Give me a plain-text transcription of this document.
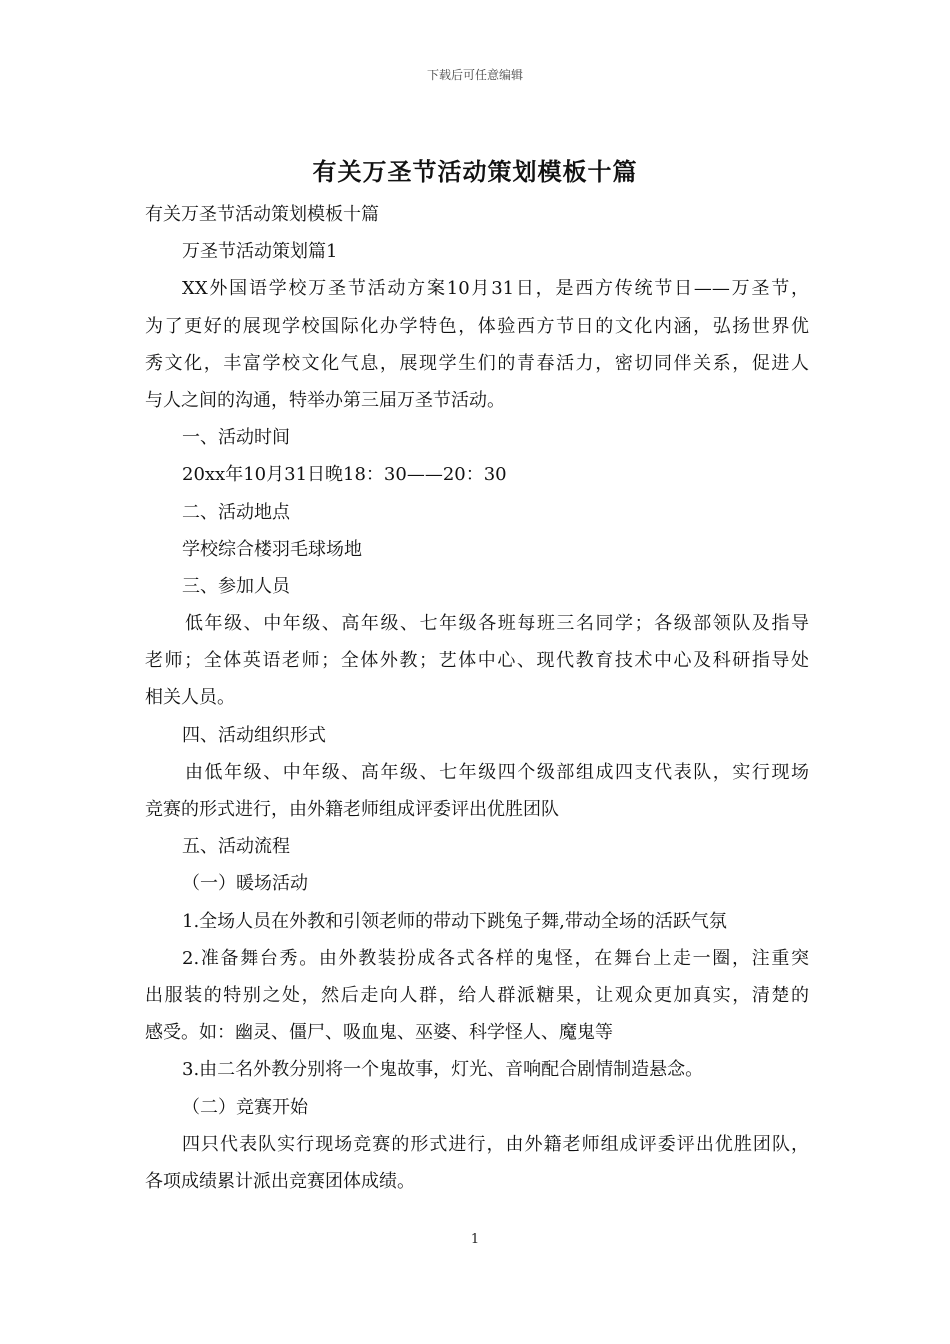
下载后可任意编辑
有关万圣节活动策划模板十篇
有关万圣节活动策划模板十篇
万圣节活动策划篇1
XX外国语学校万圣节活动方案10月31日，是西方传统节日——万圣节，
为了更好的展现学校国际化办学特色，体验西方节日的文化内涵，弘扬世界优
秀文化，丰富学校文化气息，展现学生们的青春活力，密切同伴关系，促进人
与人之间的沟通，特举办第三届万圣节活动。
一、活动时间
20xx年10月31日晚18：30——20：30
二、活动地点
学校综合楼羽毛球场地
三、参加人员
低年级、中年级、高年级、七年级各班每班三名同学；各级部领队及指导
老师；全体英语老师；全体外教；艺体中心、现代教育技术中心及科研指导处
相关人员。
四、活动组织形式
由低年级、中年级、高年级、七年级四个级部组成四支代表队，实行现场
竞赛的形式进行，由外籍老师组成评委评出优胜团队
五、活动流程
（一）暖场活动
1.全场人员在外教和引领老师的带动下跳兔子舞,带动全场的活跃气氛
2.准备舞台秀。由外教装扮成各式各样的鬼怪，在舞台上走一圈，注重突
出服装的特别之处，然后走向人群，给人群派糖果，让观众更加真实，清楚的
感受。如：幽灵、僵尸、吸血鬼、巫婆、科学怪人、魔鬼等
3.由二名外教分别将一个鬼故事，灯光、音响配合剧情制造悬念。
（二）竞赛开始
四只代表队实行现场竞赛的形式进行，由外籍老师组成评委评出优胜团队，
各项成绩累计派出竞赛团体成绩。
1
